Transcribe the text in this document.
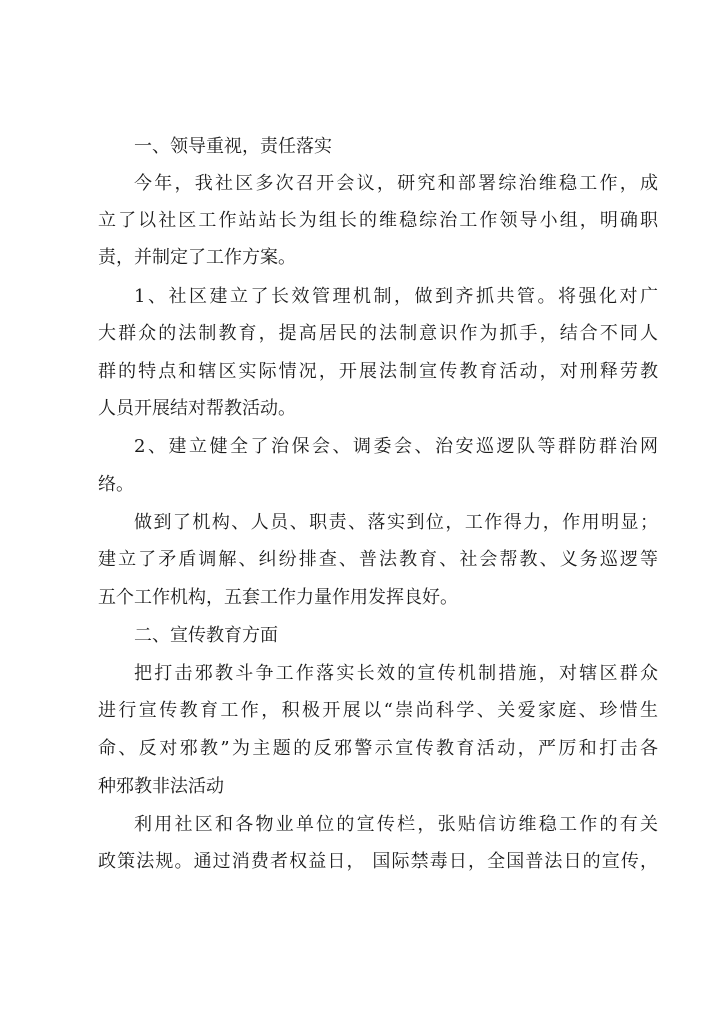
一、领导重视，责任落实
今年，我社区多次召开会议，研究和部署综治维稳工作，成
立了以社区工作站站长为组长的维稳综治工作领导小组，明确职
责，并制定了工作方案。
1、社区建立了长效管理机制，做到齐抓共管。将强化对广
大群众的法制教育，提高居民的法制意识作为抓手，结合不同人
群的特点和辖区实际情况，开展法制宣传教育活动，对刑释劳教
人员开展结对帮教活动。
2、建立健全了治保会、调委会、治安巡逻队等群防群治网
络。
做到了机构、人员、职责、落实到位，工作得力，作用明显；
建立了矛盾调解、纠纷排查、普法教育、社会帮教、义务巡逻等
五个工作机构，五套工作力量作用发挥良好。
二、宣传教育方面
把打击邪教斗争工作落实长效的宣传机制措施，对辖区群众
进行宣传教育工作，积极开展以“崇尚科学、关爱家庭、珍惜生
命、反对邪教”为主题的反邪警示宣传教育活动，严厉和打击各
种邪教非法活动
利用社区和各物业单位的宣传栏，张贴信访维稳工作的有关
政策法规。通过消费者权益日， 国际禁毒日，全国普法日的宣传，
